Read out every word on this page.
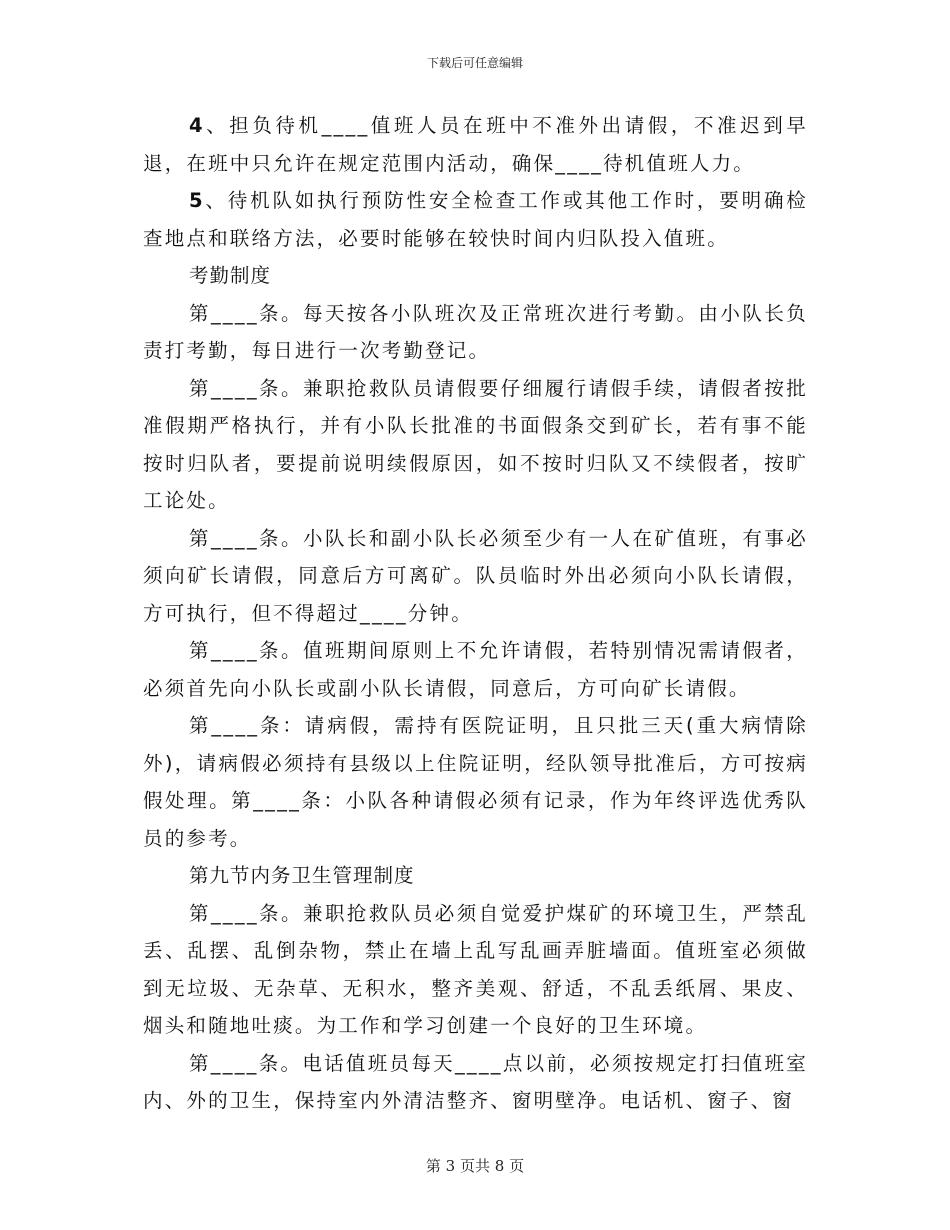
下载后可任意编辑

4、担负待机____值班人员在班中不准外出请假，不准迟到早退，在班中只允许在规定范围内活动，确保____待机值班人力。

5、待机队如执行预防性安全检查工作或其他工作时，要明确检查地点和联络方法，必要时能够在较快时间内归队投入值班。

考勤制度

第____条。每天按各小队班次及正常班次进行考勤。由小队长负责打考勤，每日进行一次考勤登记。

第____条。兼职抢救队员请假要仔细履行请假手续，请假者按批准假期严格执行，并有小队长批准的书面假条交到矿长，若有事不能按时归队者，要提前说明续假原因，如不按时归队又不续假者，按旷工论处。

第____条。小队长和副小队长必须至少有一人在矿值班，有事必须向矿长请假，同意后方可离矿。队员临时外出必须向小队长请假，方可执行，但不得超过____分钟。

第____条。值班期间原则上不允许请假，若特别情况需请假者，必须首先向小队长或副小队长请假，同意后，方可向矿长请假。

第____条：请病假，需持有医院证明，且只批三天(重大病情除外)，请病假必须持有县级以上住院证明，经队领导批准后，方可按病假处理。第____条：小队各种请假必须有记录，作为年终评选优秀队员的参考。

第九节内务卫生管理制度

第____条。兼职抢救队员必须自觉爱护煤矿的环境卫生，严禁乱丢、乱摆、乱倒杂物，禁止在墙上乱写乱画弄脏墙面。值班室必须做到无垃圾、无杂草、无积水，整齐美观、舒适，不乱丢纸屑、果皮、烟头和随地吐痰。为工作和学习创建一个良好的卫生环境。

第____条。电话值班员每天____点以前，必须按规定打扫值班室内、外的卫生，保持室内外清洁整齐、窗明壁净。电话机、窗子、窗

第 3 页共 8 页
